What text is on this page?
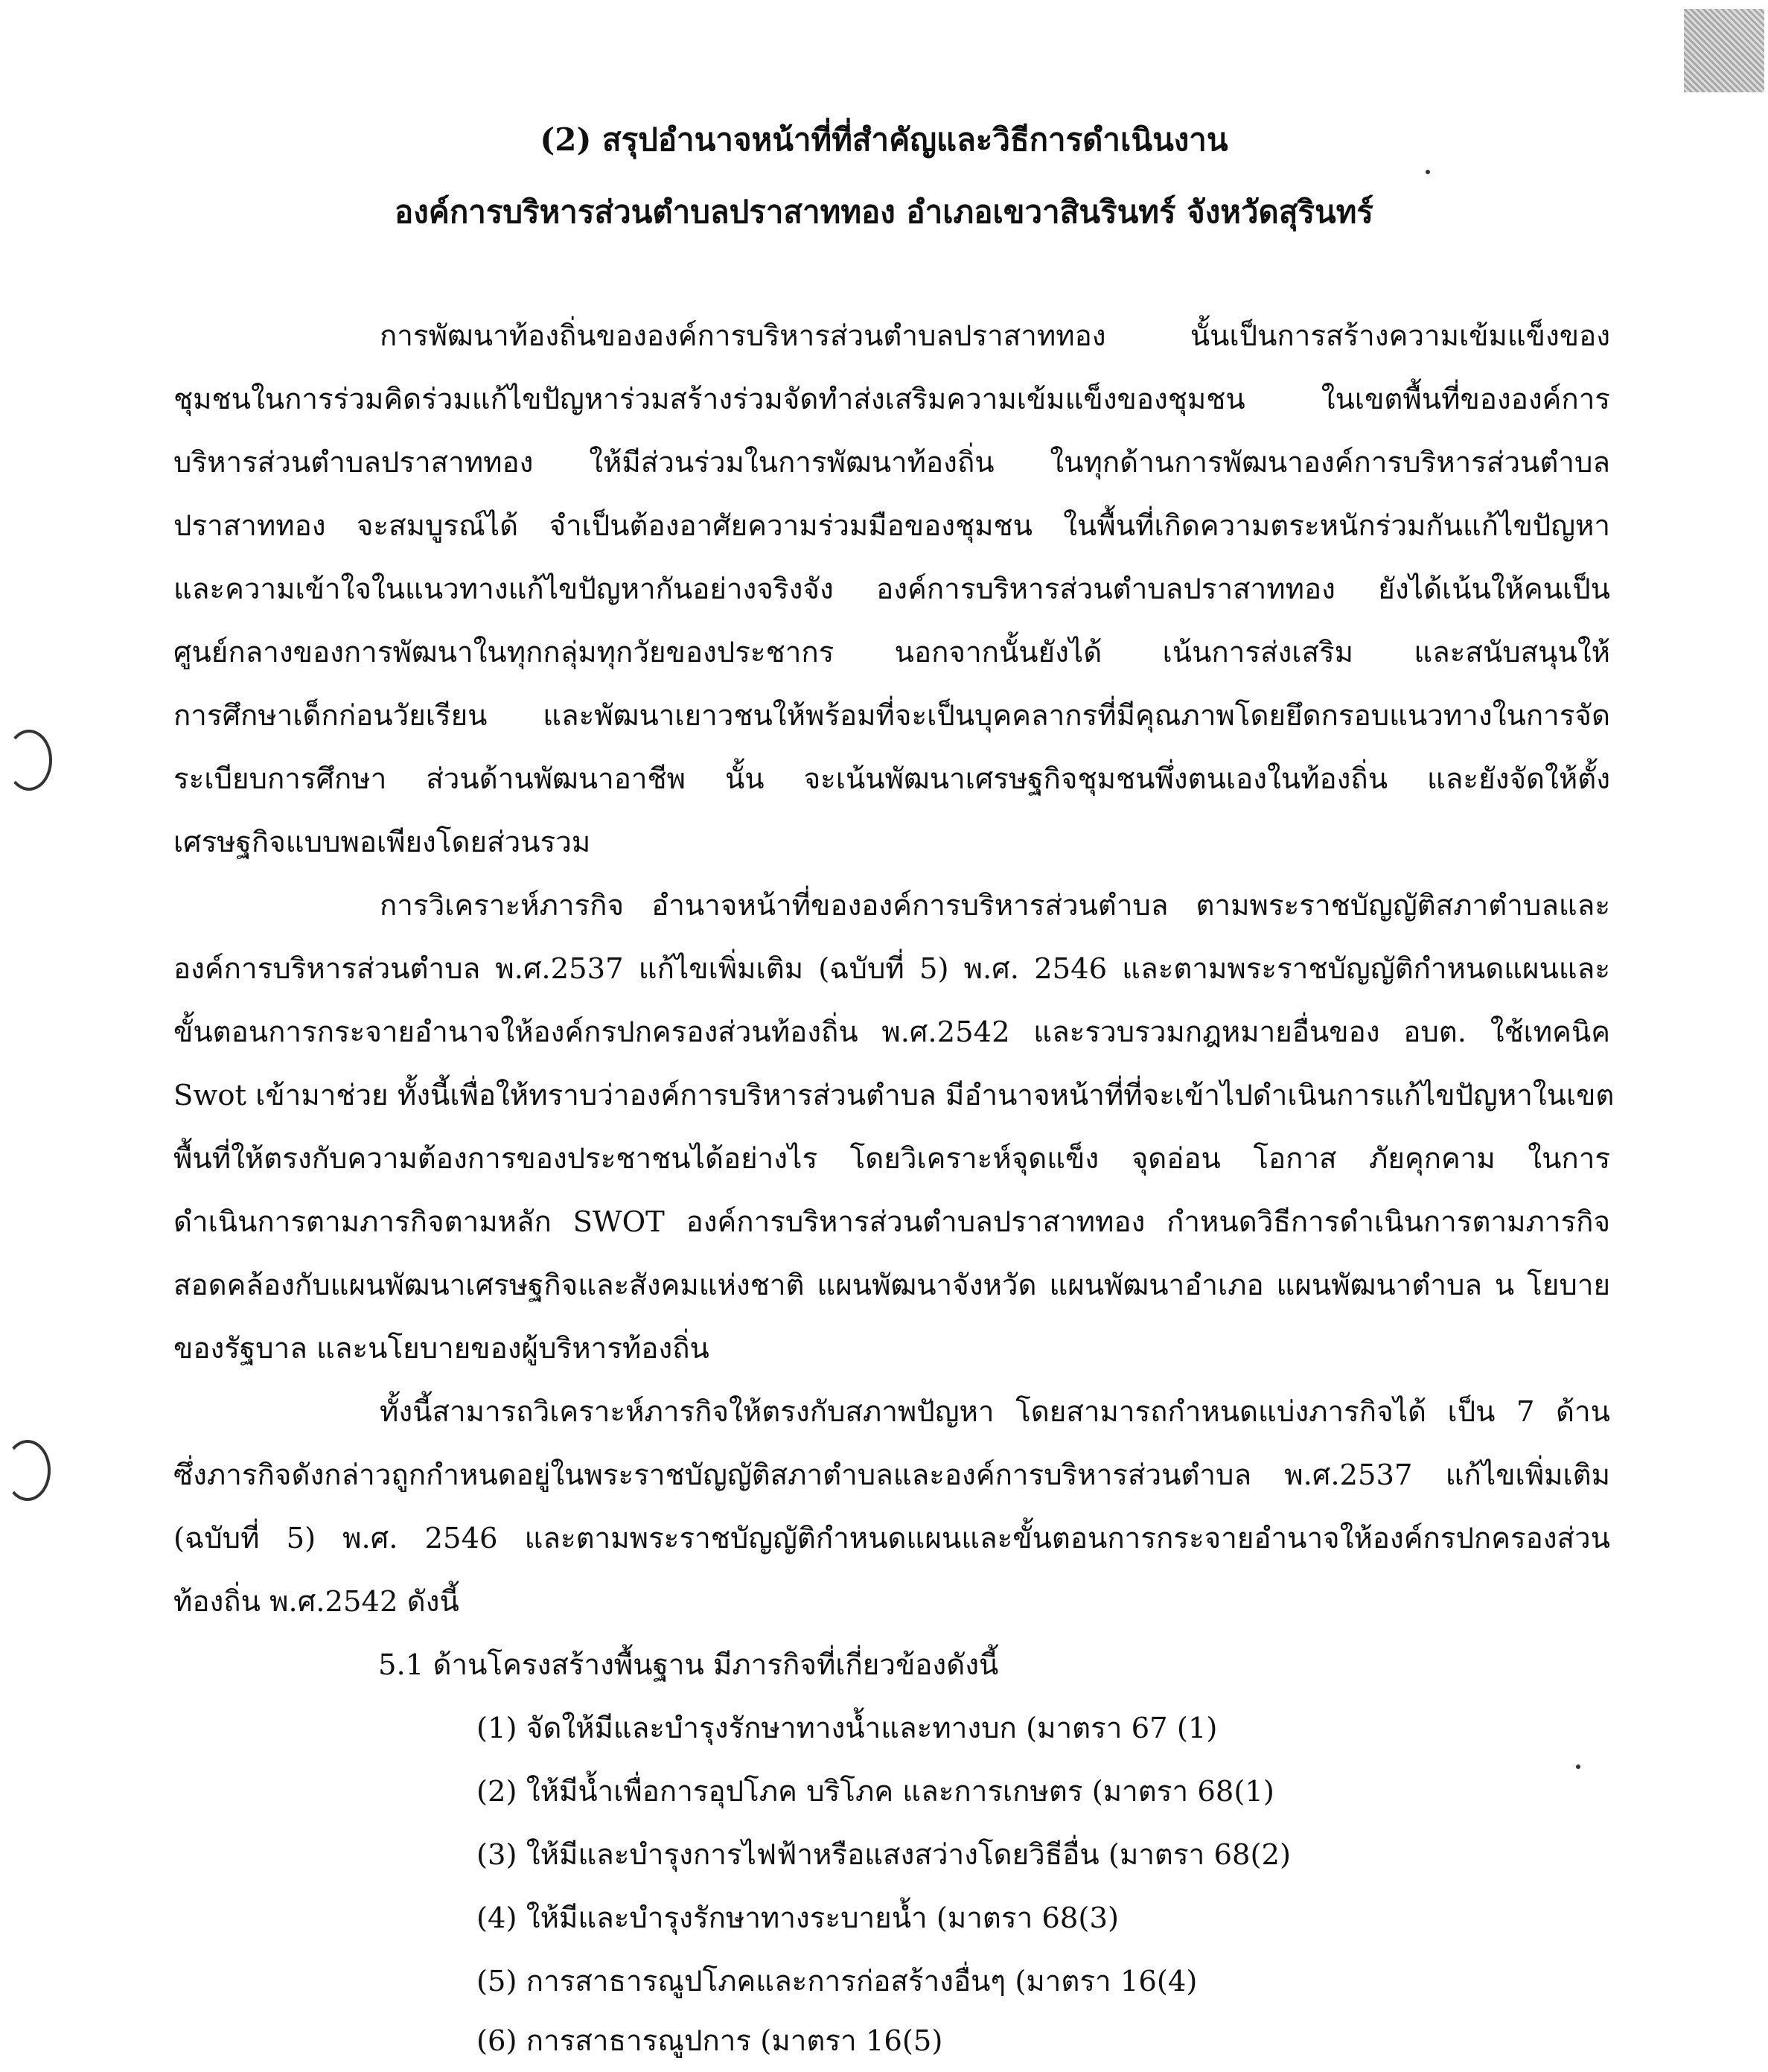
(2) สรุปอำนาจหน้าที่ที่สำคัญและวิธีการดำเนินงาน
องค์การบริหารส่วนตำบลปราสาททอง อำเภอเขวาสินรินทร์ จังหวัดสุรินทร์
การพัฒนาท้องถิ่นขององค์การบริหารส่วนตำบลปราสาททอง นั้นเป็นการสร้างความเข้มแข็งของ
ชุมชนในการร่วมคิดร่วมแก้ไขปัญหาร่วมสร้างร่วมจัดทำส่งเสริมความเข้มแข็งของชุมชน ในเขตพื้นที่ขององค์การ
บริหารส่วนตำบลปราสาททอง ให้มีส่วนร่วมในการพัฒนาท้องถิ่น ในทุกด้านการพัฒนาองค์การบริหารส่วนตำบล
ปราสาททอง จะสมบูรณ์ได้ จำเป็นต้องอาศัยความร่วมมือของชุมชน ในพื้นที่เกิดความตระหนักร่วมกันแก้ไขปัญหา
และความเข้าใจในแนวทางแก้ไขปัญหากันอย่างจริงจัง องค์การบริหารส่วนตำบลปราสาททอง ยังได้เน้นให้คนเป็น
ศูนย์กลางของการพัฒนาในทุกกลุ่มทุกวัยของประชากร นอกจากนั้นยังได้ เน้นการส่งเสริม และสนับสนุนให้
การศึกษาเด็กก่อนวัยเรียน และพัฒนาเยาวชนให้พร้อมที่จะเป็นบุคคลากรที่มีคุณภาพโดยยึดกรอบแนวทางในการจัด
ระเบียบการศึกษา ส่วนด้านพัฒนาอาชีพ นั้น จะเน้นพัฒนาเศรษฐกิจชุมชนพึ่งตนเองในท้องถิ่น และยังจัดให้ตั้ง
เศรษฐกิจแบบพอเพียงโดยส่วนรวม
การวิเคราะห์ภารกิจ อำนาจหน้าที่ขององค์การบริหารส่วนตำบล ตามพระราชบัญญัติสภาตำบลและ
องค์การบริหารส่วนตำบล พ.ศ.2537 แก้ไขเพิ่มเติม (ฉบับที่ 5) พ.ศ. 2546 และตามพระราชบัญญัติกำหนดแผนและ
ขั้นตอนการกระจายอำนาจให้องค์กรปกครองส่วนท้องถิ่น พ.ศ.2542 และรวบรวมกฎหมายอื่นของ อบต. ใช้เทคนิค
Swot เข้ามาช่วย ทั้งนี้เพื่อให้ทราบว่าองค์การบริหารส่วนตำบล มีอำนาจหน้าที่ที่จะเข้าไปดำเนินการแก้ไขปัญหาในเขต
พื้นที่ให้ตรงกับความต้องการของประชาชนได้อย่างไร โดยวิเคราะห์จุดแข็ง จุดอ่อน โอกาส ภัยคุกคาม ในการ
ดำเนินการตามภารกิจตามหลัก SWOT องค์การบริหารส่วนตำบลปราสาททอง กำหนดวิธีการดำเนินการตามภารกิจ
สอดคล้องกับแผนพัฒนาเศรษฐกิจและสังคมแห่งชาติ แผนพัฒนาจังหวัด แผนพัฒนาอำเภอ แผนพัฒนาตำบล น โยบาย
ของรัฐบาล และนโยบายของผู้บริหารท้องถิ่น
ทั้งนี้สามารถวิเคราะห์ภารกิจให้ตรงกับสภาพปัญหา โดยสามารถกำหนดแบ่งภารกิจได้ เป็น 7 ด้าน
ซึ่งภารกิจดังกล่าวถูกกำหนดอยู่ในพระราชบัญญัติสภาตำบลและองค์การบริหารส่วนตำบล พ.ศ.2537 แก้ไขเพิ่มเติม
(ฉบับที่ 5) พ.ศ. 2546 และตามพระราชบัญญัติกำหนดแผนและขั้นตอนการกระจายอำนาจให้องค์กรปกครองส่วน
ท้องถิ่น พ.ศ.2542 ดังนี้
5.1 ด้านโครงสร้างพื้นฐาน มีภารกิจที่เกี่ยวข้องดังนี้
(1) จัดให้มีและบำรุงรักษาทางน้ำและทางบก (มาตรา 67 (1)
(2) ให้มีน้ำเพื่อการอุปโภค บริโภค และการเกษตร (มาตรา 68(1)
(3) ให้มีและบำรุงการไฟฟ้าหรือแสงสว่างโดยวิธีอื่น (มาตรา 68(2)
(4) ให้มีและบำรุงรักษาทางระบายน้ำ (มาตรา 68(3)
(5) การสาธารณูปโภคและการก่อสร้างอื่นๆ (มาตรา 16(4)
(6) การสาธารณูปการ (มาตรา 16(5)
